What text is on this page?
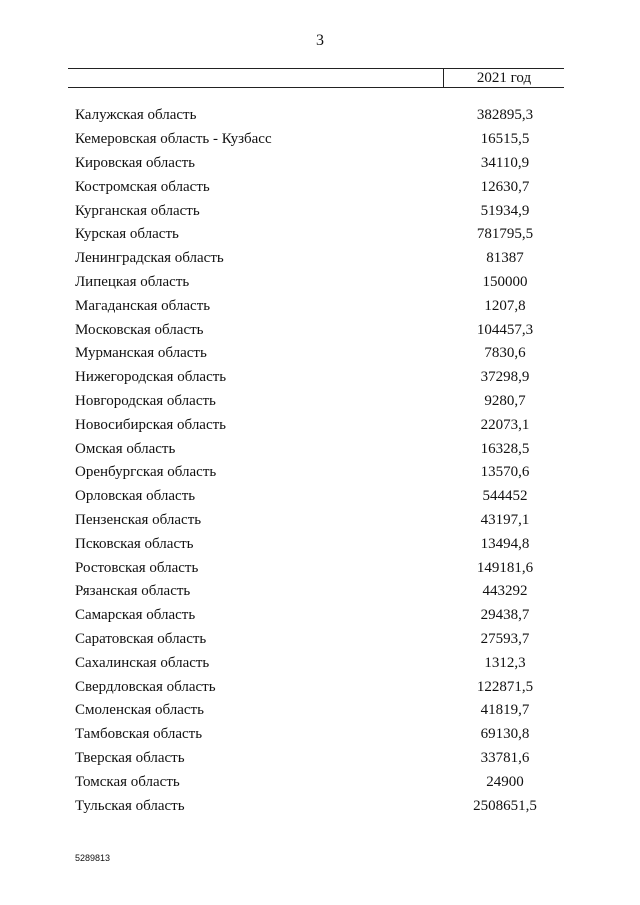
3
2021 год
Калужская область	382895,3
Кемеровская область - Кузбасс	16515,5
Кировская область	34110,9
Костромская область	12630,7
Курганская область	51934,9
Курская область	781795,5
Ленинградская область	81387
Липецкая область	150000
Магаданская область	1207,8
Московская область	104457,3
Мурманская область	7830,6
Нижегородская область	37298,9
Новгородская область	9280,7
Новосибирская область	22073,1
Омская область	16328,5
Оренбургская область	13570,6
Орловская область	544452
Пензенская область	43197,1
Псковская область	13494,8
Ростовская область	149181,6
Рязанская область	443292
Самарская область	29438,7
Саратовская область	27593,7
Сахалинская область	1312,3
Свердловская область	122871,5
Смоленская область	41819,7
Тамбовская область	69130,8
Тверская область	33781,6
Томская область	24900
Тульская область	2508651,5
5289813
